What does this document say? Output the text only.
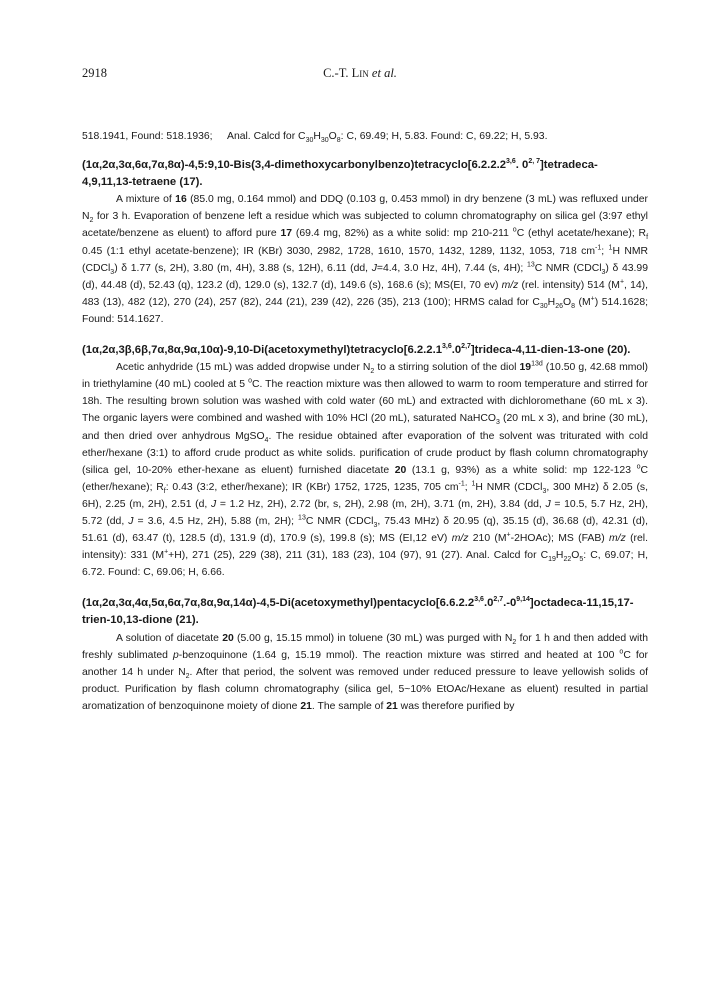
2918	C.-T. Lin et al.

518.1941, Found: 518.1936; Anal. Calcd for $C_{30}H_{30}O_8$: C, 69.49; H, 5.83. Found: C, 69.22; H, 5.93.

(1α,2α,3α,6α,7α,8α)-4,5:9,10-Bis(3,4-dimethoxycarbonylbenzo)tetracyclo[6.2.2.2$^{3,6}$. 0$^{2, 7}$]tetradeca-4,9,11,13-tetraene (17).

A mixture of 16 (85.0 mg, 0.164 mmol) and DDQ (0.103 g, 0.453 mmol) in dry benzene (3 mL) was refluxed under $N_2$ for 3 h. Evaporation of benzene left a residue which was subjected to column chromatography on silica gel (3:97 ethyl acetate/benzene as eluent) to afford pure 17 (69.4 mg, 82%) as a white solid: mp 210-211 $^o$C (ethyl acetate/hexane); $R_f$ 0.45 (1:1 ethyl acetate-benzene); IR (KBr) 3030, 2982, 1728, 1610, 1570, 1432, 1289, 1132, 1053, 718 $cm^{-1}$; $^1$H NMR (CDCl$_3$) δ 1.77 (s, 2H), 3.80 (m, 4H), 3.88 (s, 12H), 6.11 (dd, J=4.4, 3.0 Hz, 4H), 7.44 (s, 4H); $^{13}$C NMR (CDCl$_3$) δ 43.99 (d), 44.48 (d), 52.43 (q), 123.2 (d), 129.0 (s), 132.7 (d), 149.6 (s), 168.6 (s); MS(EI, 70 ev) m/z (rel. intensity) 514 (M+, 14), 483 (13), 482 (12), 270 (24), 257 (82), 244 (21), 239 (42), 226 (35), 213 (100); HRMS calad for $C_{30}H_{26}O_8$ (M+) 514.1628; Found: 514.1627.

(1α,2α,3β,6β,7α,8α,9α,10α)-9,10-Di(acetoxymethyl)tetracyclo[6.2.2.1$^{3,6}$.0$^{2,7}$]trideca-4,11-dien-13-one (20).

Acetic anhydride (15 mL) was added dropwise under $N_2$ to a stirring solution of the diol $19^{13d}$ (10.50 g, 42.68 mmol) in triethylamine (40 mL) cooled at 5 $^o$C. The reaction mixture was then allowed to warm to room temperature and stirred for 18h. The resulting brown solution was washed with cold water (60 mL) and extracted with dichloromethane (60 mL x 3). The organic layers were combined and washed with 10% HCl (20 mL), saturated NaHCO$_3$ (20 mL x 3), and brine (30 mL), and then dried over anhydrous MgSO$_4$. The residue obtained after evaporation of the solvent was triturated with cold ether/hexane (3:1) to afford crude product as white solids. purification of crude product by flash column chromatography (silica gel, 10-20% ether-hexane as eluent) furnished diacetate 20 (13.1 g, 93%) as a white solid: mp 122-123 $^o$C (ether/hexane); $R_f$: 0.43 (3:2, ether/hexane); IR (KBr) 1752, 1725, 1235, 705 $cm^{-1}$; $^1$H NMR (CDCl$_3$, 300 MHz) δ 2.05 (s, 6H), 2.25 (m, 2H), 2.51 (d, J = 1.2 Hz, 2H), 2.72 (br, s, 2H), 2.98 (m, 2H), 3.71 (m, 2H), 3.84 (dd, J = 10.5, 5.7 Hz, 2H), 5.72 (dd, J = 3.6, 4.5 Hz, 2H), 5.88 (m, 2H); $^{13}$C NMR (CDCl$_3$, 75.43 MHz) δ 20.95 (q), 35.15 (d), 36.68 (d), 42.31 (d), 51.61 (d), 63.47 (t), 128.5 (d), 131.9 (d), 170.9 (s), 199.8 (s); MS (EI,12 eV) m/z 210 (M+-2HOAc); MS (FAB) m/z (rel. intensity): 331 (M++H), 271 (25), 229 (38), 211 (31), 183 (23), 104 (97), 91 (27). Anal. Calcd for $C_{19}H_{22}O_5$: C, 69.07; H, 6.72. Found: C, 69.06; H, 6.66.

(1α,2α,3α,4α,5α,6α,7α,8α,9α,14α)-4,5-Di(acetoxymethyl)pentacyclo[6.6.2.2$^{3,6}$.0$^{2,7}$.-0$^{9,14}$]octadeca-11,15,17-trien-10,13-dione (21).

A solution of diacetate 20 (5.00 g, 15.15 mmol) in toluene (30 mL) was purged with $N_2$ for 1 h and then added with freshly sublimated p-benzoquinone (1.64 g, 15.19 mmol). The reaction mixture was stirred and heated at 100 $^o$C for another 14 h under $N_2$. After that period, the solvent was removed under reduced pressure to leave yellowish solids of product. Purification by flash column chromatography (silica gel, 5~10% EtOAc/Hexane as eluent) resulted in partial aromatization of benzoquinone moiety of dione 21. The sample of 21 was therefore purified by
